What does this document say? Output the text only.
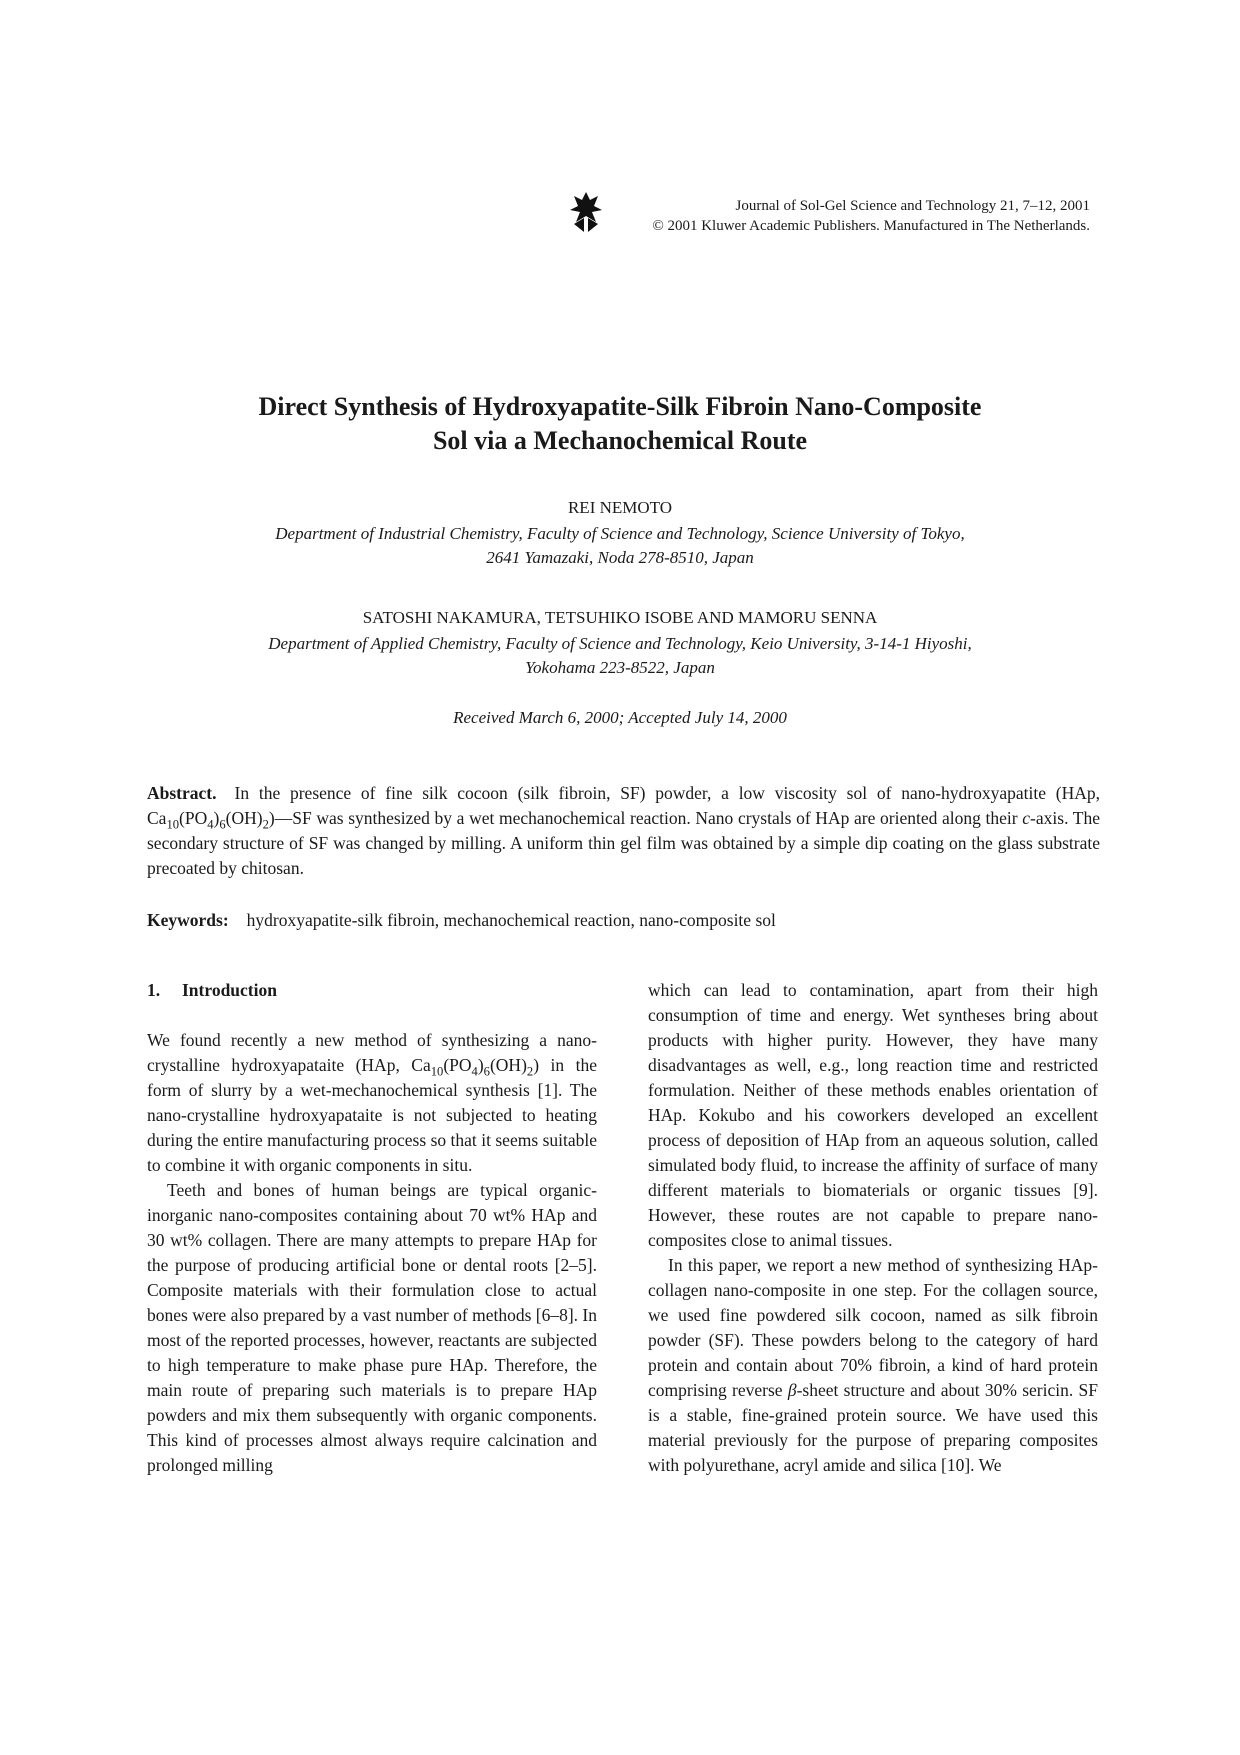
Journal of Sol-Gel Science and Technology 21, 7–12, 2001
© 2001 Kluwer Academic Publishers. Manufactured in The Netherlands.
Direct Synthesis of Hydroxyapatite-Silk Fibroin Nano-Composite
Sol via a Mechanochemical Route
REI NEMOTO
Department of Industrial Chemistry, Faculty of Science and Technology, Science University of Tokyo,
2641 Yamazaki, Noda 278-8510, Japan
SATOSHI NAKAMURA, TETSUHIKO ISOBE AND MAMORU SENNA
Department of Applied Chemistry, Faculty of Science and Technology, Keio University, 3-14-1 Hiyoshi,
Yokohama 223-8522, Japan
Received March 6, 2000; Accepted July 14, 2000
Abstract. In the presence of fine silk cocoon (silk fibroin, SF) powder, a low viscosity sol of nano-hydroxyapatite (HAp, $Ca_{10}(PO_4)_6(OH)_2)—SF$ was synthesized by a wet mechanochemical reaction. Nano crystals of HAp are oriented along their c-axis. The secondary structure of SF was changed by milling. A uniform thin gel film was obtained by a simple dip coating on the glass substrate precoated by chitosan.
Keywords: hydroxyapatite-silk fibroin, mechanochemical reaction, nano-composite sol
1. Introduction

We found recently a new method of synthesizing a nano-crystalline hydroxyapataite (HAp, $Ca_{10}(PO_4)_6(OH)_2$) in the form of slurry by a wet-mechanochemical synthesis [1]. The nano-crystalline hydroxyapataite is not subjected to heating during the entire manufacturing process so that it seems suitable to combine it with organic components in situ.

Teeth and bones of human beings are typical organic-inorganic nano-composites containing about 70 wt% HAp and 30 wt% collagen. There are many attempts to prepare HAp for the purpose of producing artificial bone or dental roots [2–5]. Composite materials with their formulation close to actual bones were also prepared by a vast number of methods [6–8]. In most of the reported processes, however, reactants are subjected to high temperature to make phase pure HAp. Therefore, the main route of preparing such materials is to prepare HAp powders and mix them subsequently with organic components. This kind of processes almost always require calcination and prolonged milling

which can lead to contamination, apart from their high consumption of time and energy. Wet syntheses bring about products with higher purity. However, they have many disadvantages as well, e.g., long reaction time and restricted formulation. Neither of these methods enables orientation of HAp. Kokubo and his coworkers developed an excellent process of deposition of HAp from an aqueous solution, called simulated body fluid, to increase the affinity of surface of many different materials to biomaterials or organic tissues [9]. However, these routes are not capable to prepare nano-composites close to animal tissues.

In this paper, we report a new method of synthesizing HAp-collagen nano-composite in one step. For the collagen source, we used fine powdered silk cocoon, named as silk fibroin powder (SF). These powders belong to the category of hard protein and contain about 70% fibroin, a kind of hard protein comprising reverse β-sheet structure and about 30% sericin. SF is a stable, fine-grained protein source. We have used this material previously for the purpose of preparing composites with polyurethane, acryl amide and silica [10]. We
